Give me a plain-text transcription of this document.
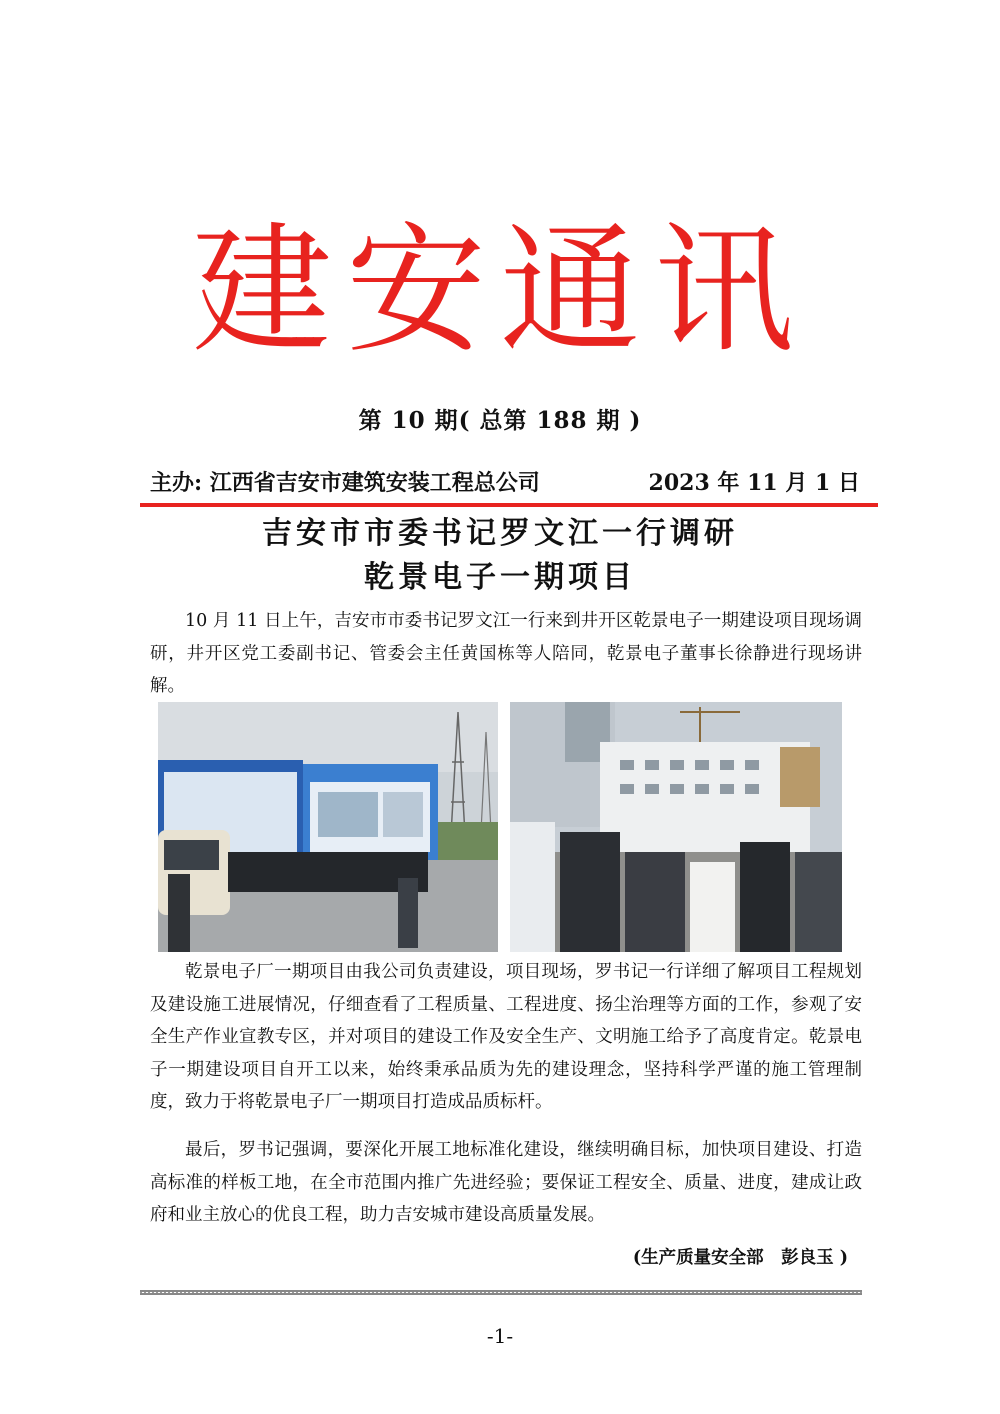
建安通讯
第 10 期( 总第 188 期 )
主办: 江西省吉安市建筑安装工程总公司	2023 年 11 月 1 日
吉安市市委书记罗文江一行调研
乾景电子一期项目

10 月 11 日上午，吉安市市委书记罗文江一行来到井开区乾景电子一期建设项目现场调研，井开区党工委副书记、管委会主任黄国栋等人陪同，乾景电子董事长徐静进行现场讲解。

乾景电子厂一期项目由我公司负责建设，项目现场，罗书记一行详细了解项目工程规划及建设施工进展情况，仔细查看了工程质量、工程进度、扬尘治理等方面的工作，参观了安全生产作业宣教专区，并对项目的建设工作及安全生产、文明施工给予了高度肯定。乾景电子一期建设项目自开工以来，始终秉承品质为先的建设理念，坚持科学严谨的施工管理制度，致力于将乾景电子厂一期项目打造成品质标杆。

最后，罗书记强调，要深化开展工地标准化建设，继续明确目标，加快项目建设、打造高标准的样板工地，在全市范围内推广先进经验；要保证工程安全、质量、进度，建成让政府和业主放心的优良工程，助力吉安城市建设高质量发展。

(生产质量安全部　彭良玉 )
-1-
